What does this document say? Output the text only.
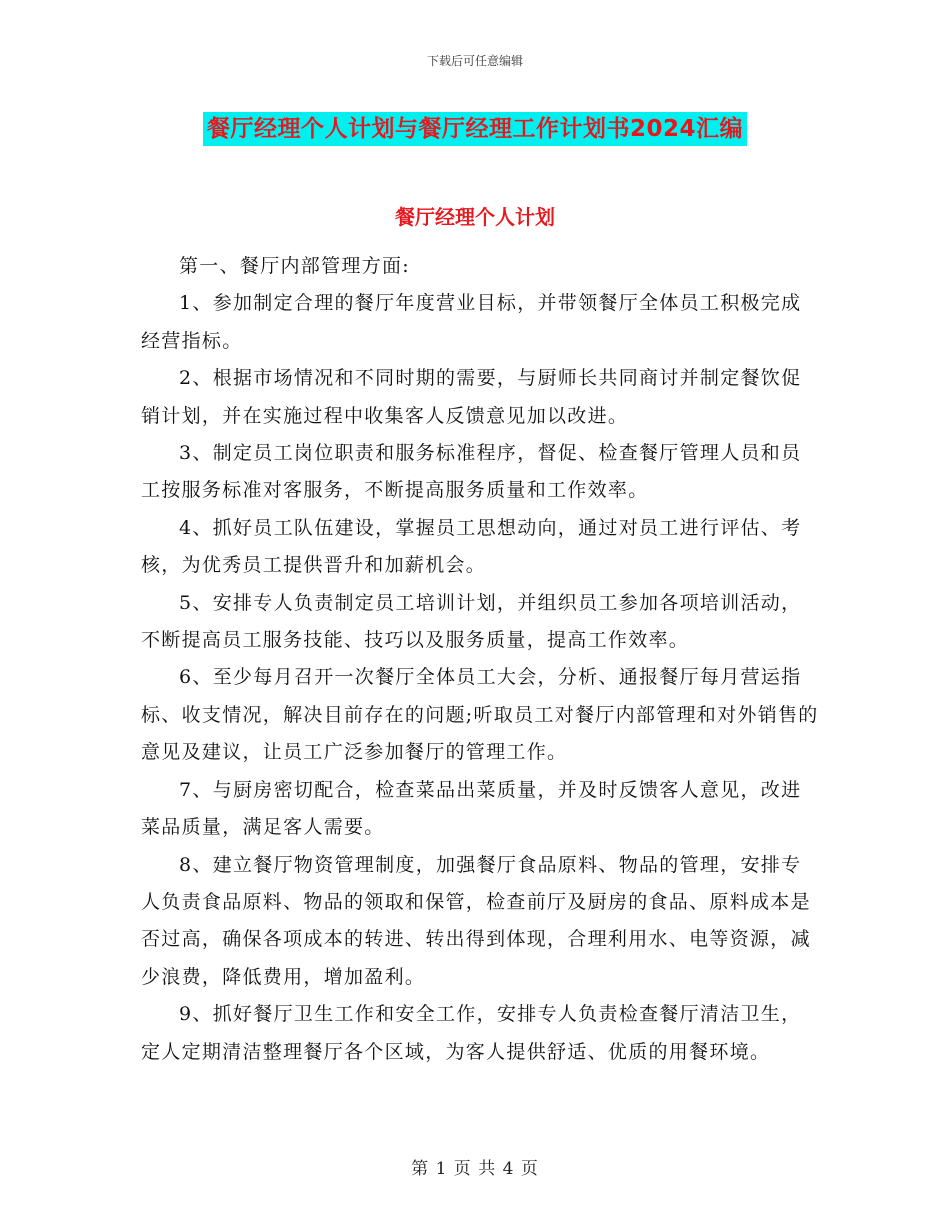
下载后可任意编辑
餐厅经理个人计划与餐厅经理工作计划书2024汇编
餐厅经理个人计划

第一、餐厅内部管理方面:

1、参加制定合理的餐厅年度营业目标，并带领餐厅全体员工积极完成经营指标。

2、根据市场情况和不同时期的需要，与厨师长共同商讨并制定餐饮促销计划，并在实施过程中收集客人反馈意见加以改进。

3、制定员工岗位职责和服务标准程序，督促、检查餐厅管理人员和员工按服务标准对客服务，不断提高服务质量和工作效率。

4、抓好员工队伍建设，掌握员工思想动向，通过对员工进行评估、考核，为优秀员工提供晋升和加薪机会。

5、安排专人负责制定员工培训计划，并组织员工参加各项培训活动，不断提高员工服务技能、技巧以及服务质量，提高工作效率。

6、至少每月召开一次餐厅全体员工大会，分析、通报餐厅每月营运指标、收支情况，解决目前存在的问题;听取员工对餐厅内部管理和对外销售的意见及建议，让员工广泛参加餐厅的管理工作。

7、与厨房密切配合，检查菜品出菜质量，并及时反馈客人意见，改进菜品质量，满足客人需要。

8、建立餐厅物资管理制度，加强餐厅食品原料、物品的管理，安排专人负责食品原料、物品的领取和保管，检查前厅及厨房的食品、原料成本是否过高，确保各项成本的转进、转出得到体现，合理利用水、电等资源，减少浪费，降低费用，增加盈利。

9、抓好餐厅卫生工作和安全工作，安排专人负责检查餐厅清洁卫生，定人定期清洁整理餐厅各个区域，为客人提供舒适、优质的用餐环境。

第 1 页 共 4 页
